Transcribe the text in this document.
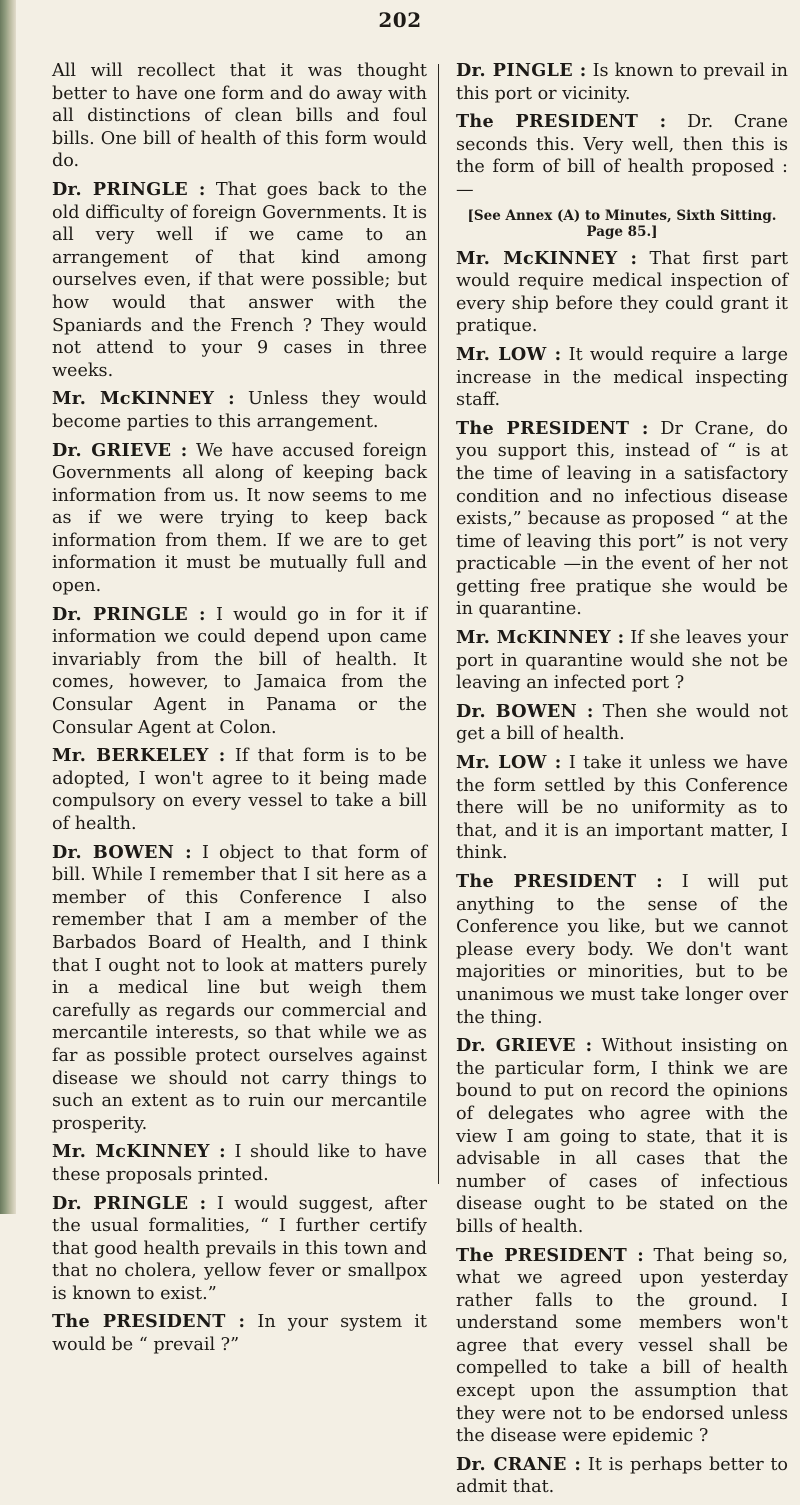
202

All will recollect that it was thought better to have one form and do away with all distinctions of clean bills and foul bills. One bill of health of this form would do.

Dr. PRINGLE : That goes back to the old difficulty of foreign Governments. It is all very well if we came to an arrangement of that kind among ourselves even, if that were possible; but how would that answer with the Spaniards and the French ? They would not attend to your 9 cases in three weeks.

Mr. McKINNEY : Unless they would become parties to this arrangement.

Dr. GRIEVE : We have accused foreign Governments all along of keeping back information from us. It now seems to me as if we were trying to keep back information from them. If we are to get information it must be mutually full and open.

Dr. PRINGLE : I would go in for it if information we could depend upon came invariably from the bill of health. It comes, however, to Jamaica from the Consular Agent in Panama or the Consular Agent at Colon.

Mr. BERKELEY : If that form is to be adopted, I won't agree to it being made compulsory on every vessel to take a bill of health.

Dr. BOWEN : I object to that form of bill. While I remember that I sit here as a member of this Conference I also remember that I am a member of the Barbados Board of Health, and I think that I ought not to look at matters purely in a medical line but weigh them carefully as regards our commercial and mercantile interests, so that while we as far as possible protect ourselves against disease we should not carry things to such an extent as to ruin our mercantile prosperity.

Mr. McKINNEY : I should like to have these proposals printed.

Dr. PRINGLE : I would suggest, after the usual formalities, “ I further certify that good health prevails in this town and that no cholera, yellow fever or smallpox is known to exist.”

The PRESIDENT : In your system it would be “ prevail ?”

Dr. PINGLE : Is known to prevail in this port or vicinity.

The PRESIDENT : Dr. Crane seconds this. Very well, then this is the form of bill of health proposed :—

[See Annex (A) to Minutes, Sixth Sitting. Page 85.]

Mr. McKINNEY : That first part would require medical inspection of every ship before they could grant it pratique.

Mr. LOW : It would require a large increase in the medical inspecting staff.

The PRESIDENT : Dr Crane, do you support this, instead of “ is at the time of leaving in a satisfactory condition and no infectious disease exists,” because as proposed “ at the time of leaving this port” is not very practicable —in the event of her not getting free pratique she would be in quarantine.

Mr. McKINNEY : If she leaves your port in quarantine would she not be leaving an infected port ?

Dr. BOWEN : Then she would not get a bill of health.

Mr. LOW : I take it unless we have the form settled by this Conference there will be no uniformity as to that, and it is an important matter, I think.

The PRESIDENT : I will put anything to the sense of the Conference you like, but we cannot please every body. We don't want majorities or minorities, but to be unanimous we must take longer over the thing.

Dr. GRIEVE : Without insisting on the particular form, I think we are bound to put on record the opinions of delegates who agree with the view I am going to state, that it is advisable in all cases that the number of cases of infectious disease ought to be stated on the bills of health.

The PRESIDENT : That being so, what we agreed upon yesterday rather falls to the ground. I understand some members won't agree that every vessel shall be compelled to take a bill of health except upon the assumption that they were not to be endorsed unless the disease were epidemic ?

Dr. CRANE : It is perhaps better to admit that.
